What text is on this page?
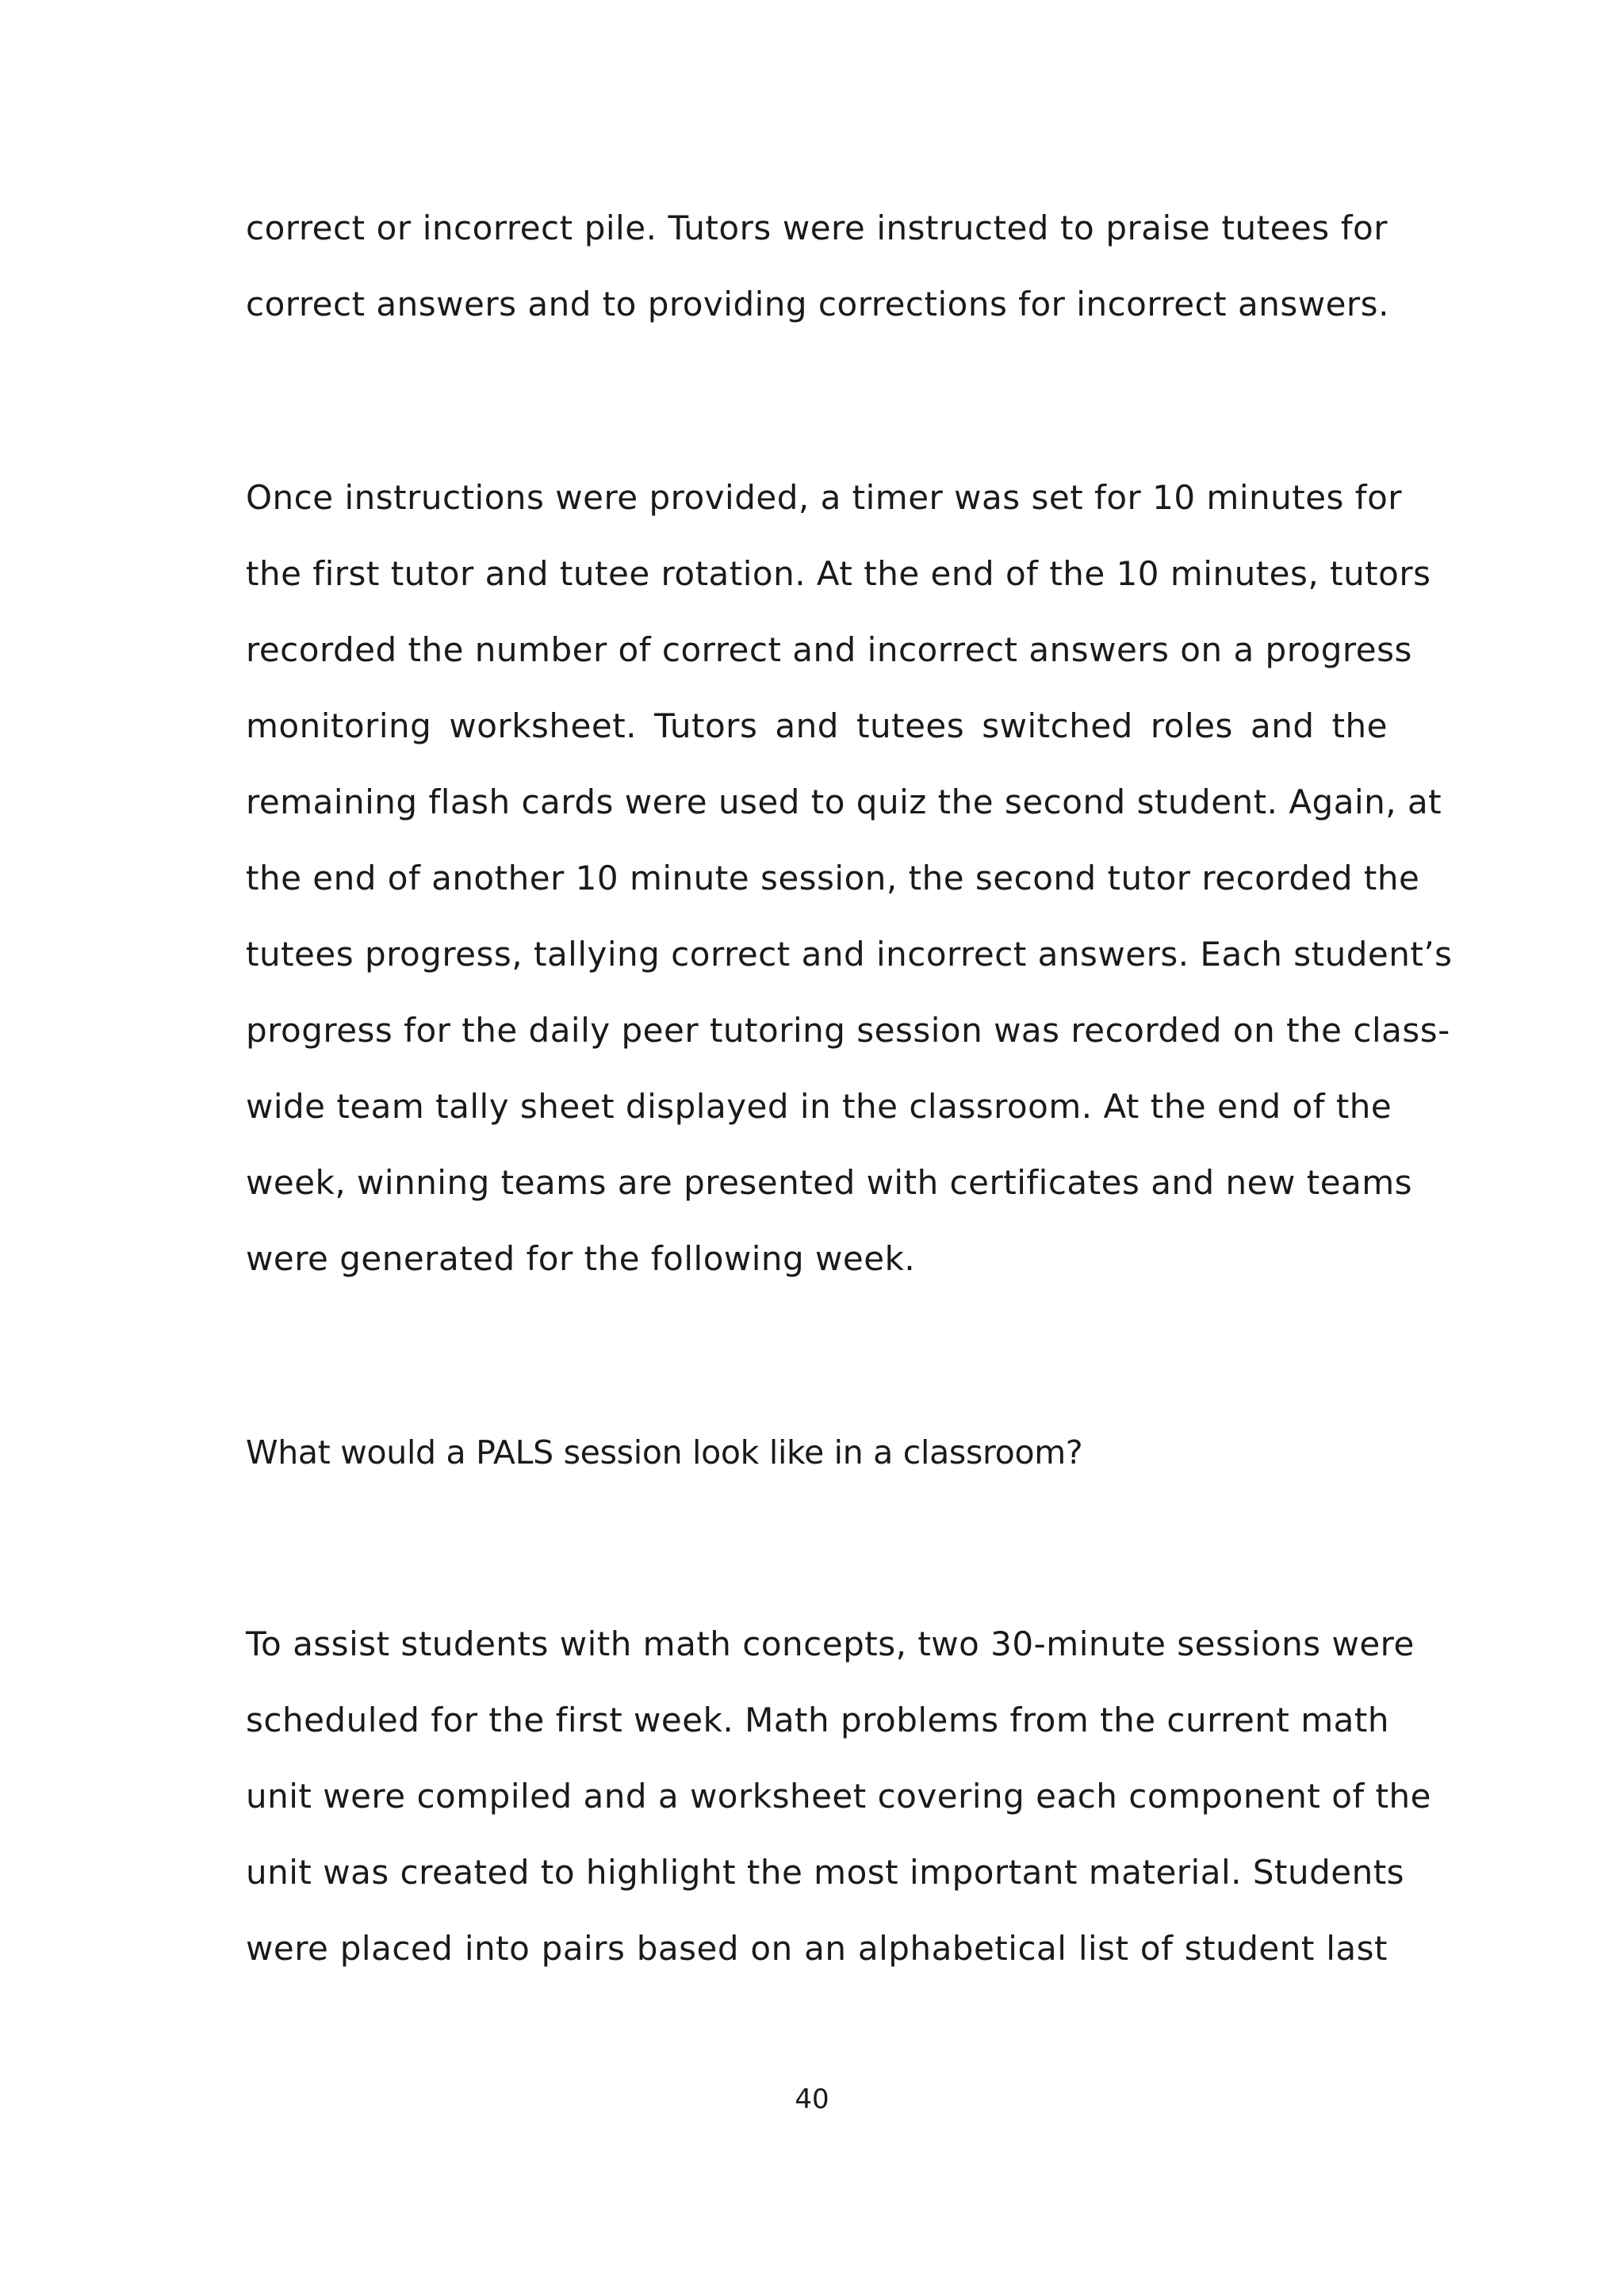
correct or incorrect pile. Tutors were instructed to praise tutees for
correct answers and to providing corrections for incorrect answers.
Once instructions were provided, a timer was set for 10 minutes for
the first tutor and tutee rotation. At the end of the 10 minutes, tutors
recorded the number of correct and incorrect answers on a progress
monitoring worksheet. Tutors and tutees switched roles and the
remaining flash cards were used to quiz the second student. Again, at
the end of another 10 minute session, the second tutor recorded the
tutees progress, tallying correct and incorrect answers. Each student’s
progress for the daily peer tutoring session was recorded on the class-
wide team tally sheet displayed in the classroom. At the end of the
week, winning teams are presented with certificates and new teams
were generated for the following week.
What would a PALS session look like in a classroom?
To assist students with math concepts, two 30-minute sessions were
scheduled for the first week. Math problems from the current math
unit were compiled and a worksheet covering each component of the
unit was created to highlight the most important material. Students
were placed into pairs based on an alphabetical list of student last
40
